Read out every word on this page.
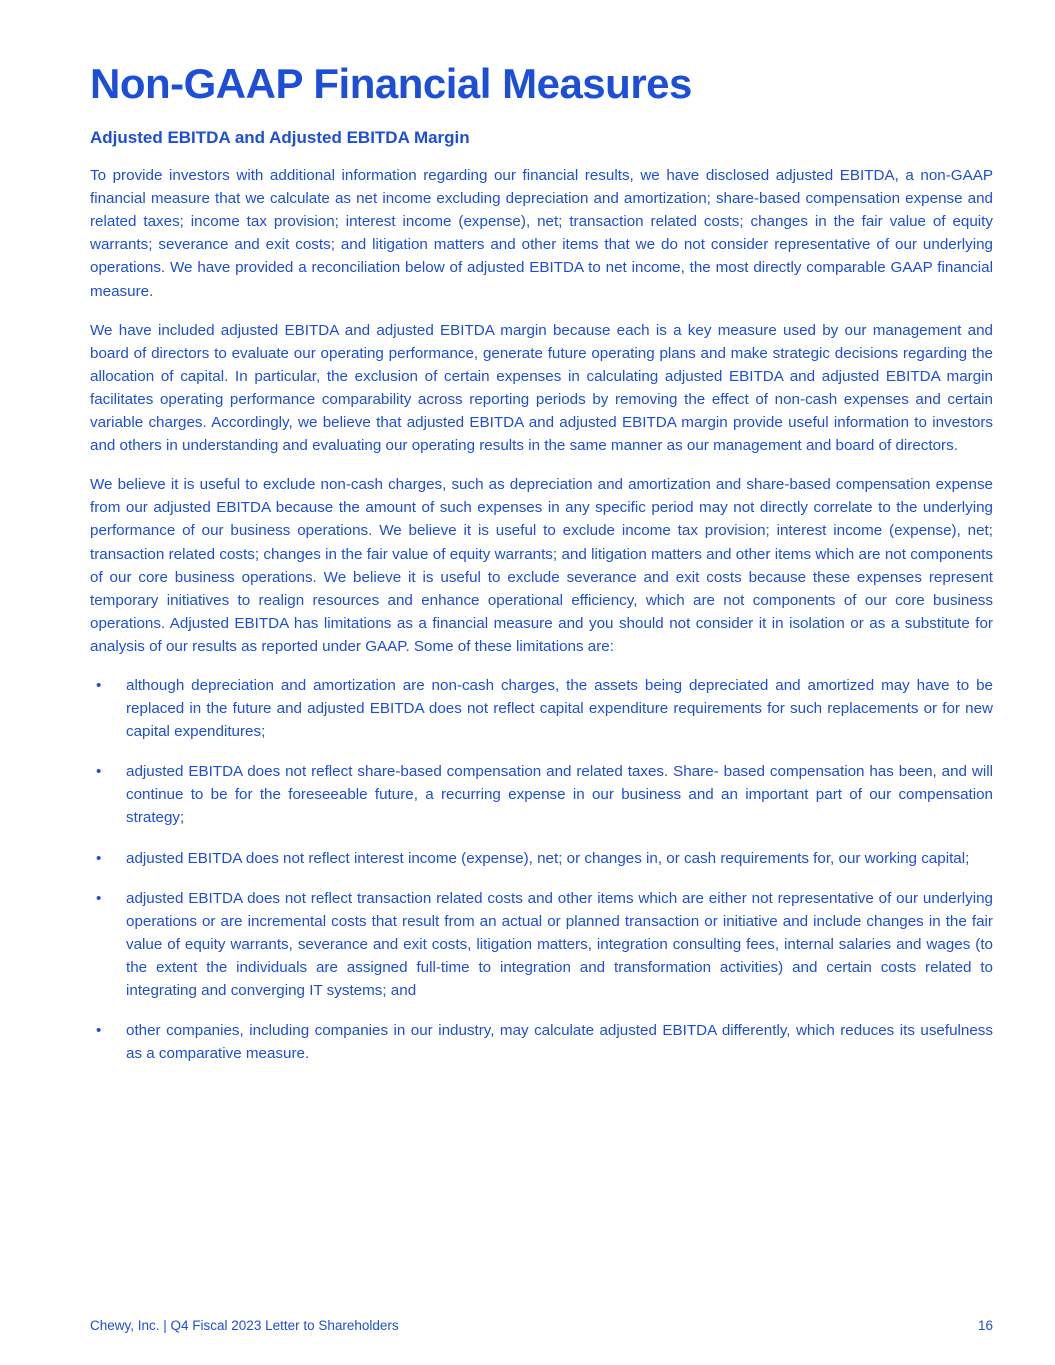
Non-GAAP Financial Measures
Adjusted EBITDA and Adjusted EBITDA Margin

To provide investors with additional information regarding our financial results, we have disclosed adjusted EBITDA, a non-GAAP financial measure that we calculate as net income excluding depreciation and amortization; share-based compensation expense and related taxes; income tax provision; interest income (expense), net; transaction related costs; changes in the fair value of equity warrants; severance and exit costs; and litigation matters and other items that we do not consider representative of our underlying operations. We have provided a reconciliation below of adjusted EBITDA to net income, the most directly comparable GAAP financial measure.

We have included adjusted EBITDA and adjusted EBITDA margin because each is a key measure used by our management and board of directors to evaluate our operating performance, generate future operating plans and make strategic decisions regarding the allocation of capital. In particular, the exclusion of certain expenses in calculating adjusted EBITDA and adjusted EBITDA margin facilitates operating performance comparability across reporting periods by removing the effect of non-cash expenses and certain variable charges. Accordingly, we believe that adjusted EBITDA and adjusted EBITDA margin provide useful information to investors and others in understanding and evaluating our operating results in the same manner as our management and board of directors.

We believe it is useful to exclude non-cash charges, such as depreciation and amortization and share-based compensation expense from our adjusted EBITDA because the amount of such expenses in any specific period may not directly correlate to the underlying performance of our business operations. We believe it is useful to exclude income tax provision; interest income (expense), net; transaction related costs; changes in the fair value of equity warrants; and litigation matters and other items which are not components of our core business operations. We believe it is useful to exclude severance and exit costs because these expenses represent temporary initiatives to realign resources and enhance operational efficiency, which are not components of our core business operations. Adjusted EBITDA has limitations as a financial measure and you should not consider it in isolation or as a substitute for analysis of our results as reported under GAAP. Some of these limitations are:

• although depreciation and amortization are non-cash charges, the assets being depreciated and amortized may have to be replaced in the future and adjusted EBITDA does not reflect capital expenditure requirements for such replacements or for new capital expenditures;
• adjusted EBITDA does not reflect share-based compensation and related taxes. Share- based compensation has been, and will continue to be for the foreseeable future, a recurring expense in our business and an important part of our compensation strategy;
• adjusted EBITDA does not reflect interest income (expense), net; or changes in, or cash requirements for, our working capital;
• adjusted EBITDA does not reflect transaction related costs and other items which are either not representative of our underlying operations or are incremental costs that result from an actual or planned transaction or initiative and include changes in the fair value of equity warrants, severance and exit costs, litigation matters, integration consulting fees, internal salaries and wages (to the extent the individuals are assigned full-time to integration and transformation activities) and certain costs related to integrating and converging IT systems; and
• other companies, including companies in our industry, may calculate adjusted EBITDA differently, which reduces its usefulness as a comparative measure.
Chewy, Inc. | Q4 Fiscal 2023 Letter to Shareholders	16
